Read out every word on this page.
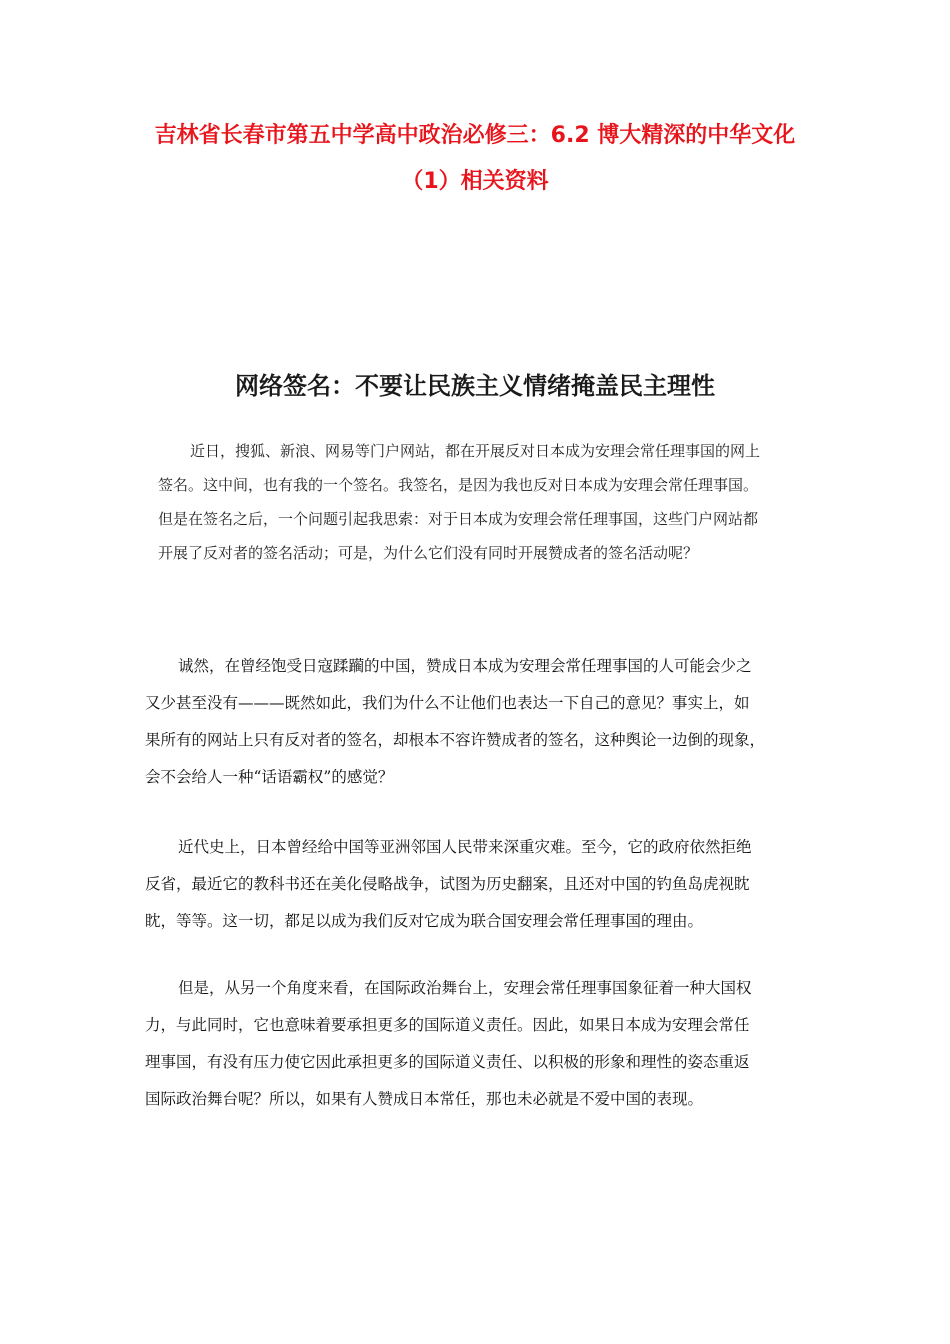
吉林省长春市第五中学高中政治必修三：6.2 博大精深的中华文化
（1）相关资料
网络签名：不要让民族主义情绪掩盖民主理性
近日，搜狐、新浪、网易等门户网站，都在开展反对日本成为安理会常任理事国的网上
签名。这中间，也有我的一个签名。我签名，是因为我也反对日本成为安理会常任理事国。
但是在签名之后，一个问题引起我思索：对于日本成为安理会常任理事国，这些门户网站都
开展了反对者的签名活动；可是，为什么它们没有同时开展赞成者的签名活动呢？
诚然，在曾经饱受日寇蹂躏的中国，赞成日本成为安理会常任理事国的人可能会少之
又少甚至没有———既然如此，我们为什么不让他们也表达一下自己的意见？事实上，如
果所有的网站上只有反对者的签名，却根本不容许赞成者的签名，这种舆论一边倒的现象，
会不会给人一种“话语霸权”的感觉？
近代史上，日本曾经给中国等亚洲邻国人民带来深重灾难。至今，它的政府依然拒绝
反省，最近它的教科书还在美化侵略战争，试图为历史翻案，且还对中国的钓鱼岛虎视眈
眈，等等。这一切，都足以成为我们反对它成为联合国安理会常任理事国的理由。
但是，从另一个角度来看，在国际政治舞台上，安理会常任理事国象征着一种大国权
力，与此同时，它也意味着要承担更多的国际道义责任。因此，如果日本成为安理会常任
理事国，有没有压力使它因此承担更多的国际道义责任、以积极的形象和理性的姿态重返
国际政治舞台呢？所以，如果有人赞成日本常任，那也未必就是不爱中国的表现。
